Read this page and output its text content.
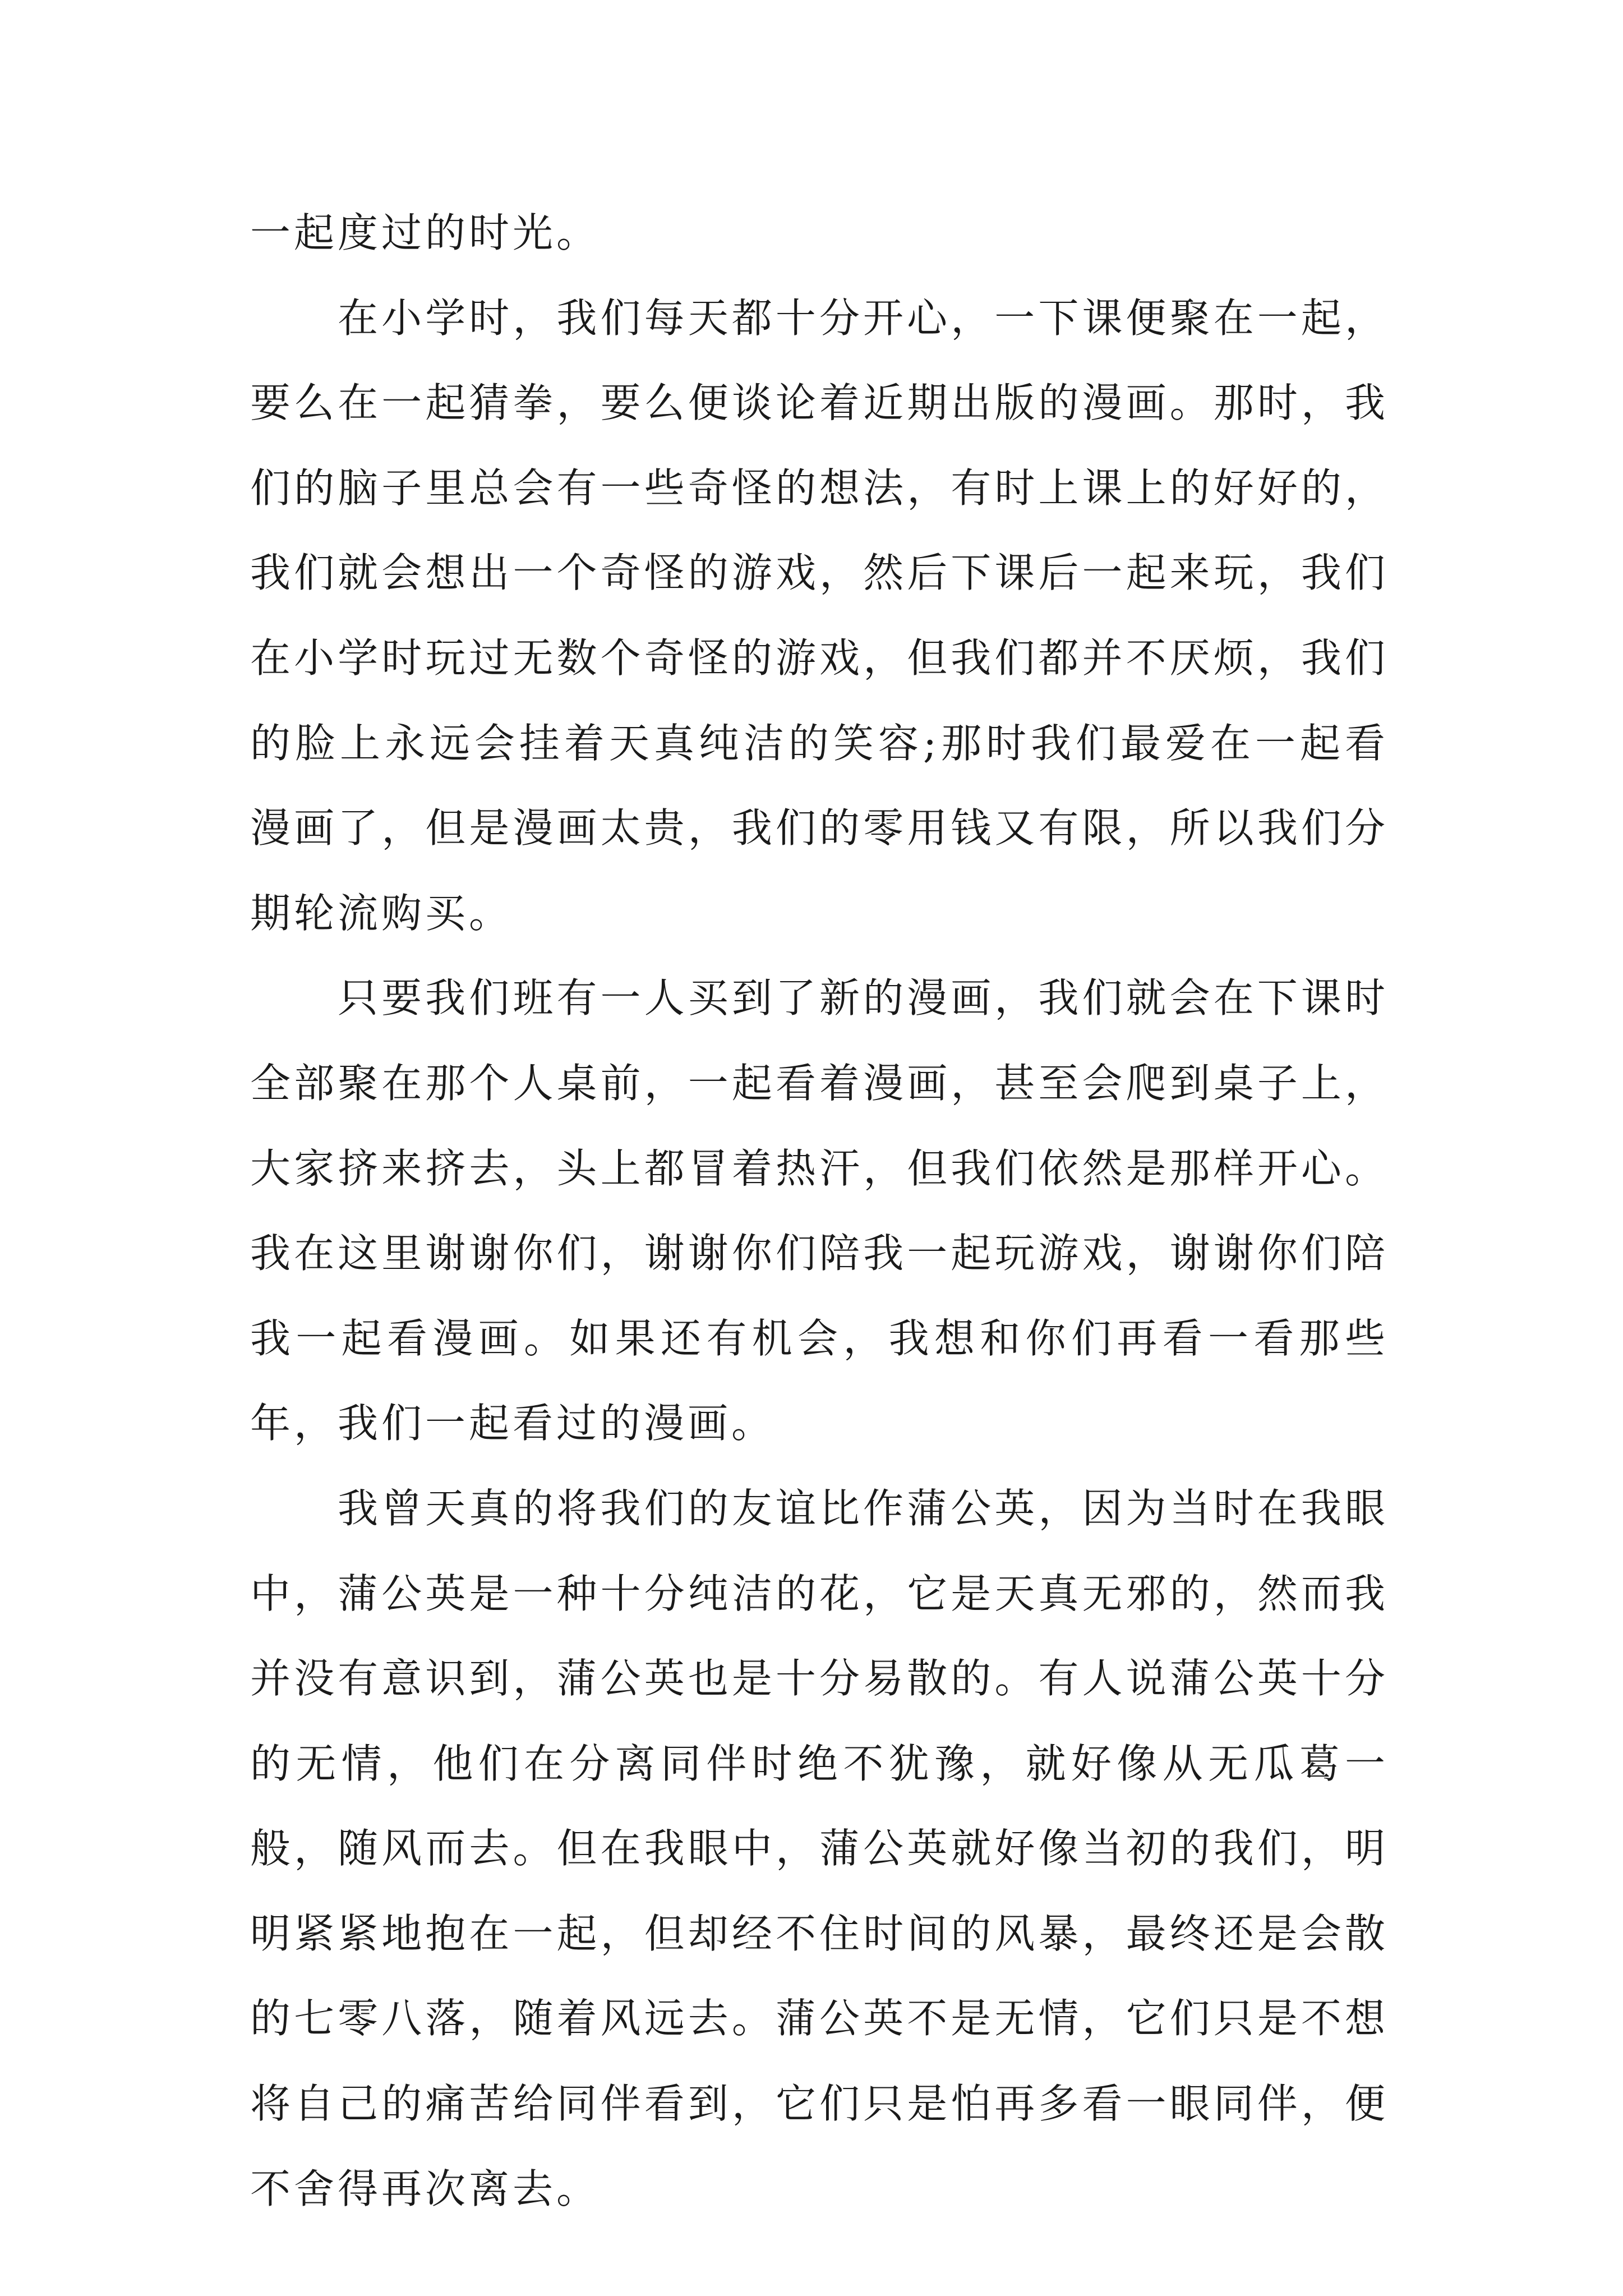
一起度过的时光。

在小学时，我们每天都十分开心，一下课便聚在一起，要么在一起猜拳，要么便谈论着近期出版的漫画。那时，我们的脑子里总会有一些奇怪的想法，有时上课上的好好的，我们就会想出一个奇怪的游戏，然后下课后一起来玩，我们在小学时玩过无数个奇怪的游戏，但我们都并不厌烦，我们的脸上永远会挂着天真纯洁的笑容;那时我们最爱在一起看漫画了，但是漫画太贵，我们的零用钱又有限，所以我们分期轮流购买。

只要我们班有一人买到了新的漫画，我们就会在下课时全部聚在那个人桌前，一起看着漫画，甚至会爬到桌子上，大家挤来挤去，头上都冒着热汗，但我们依然是那样开心。我在这里谢谢你们，谢谢你们陪我一起玩游戏，谢谢你们陪我一起看漫画。如果还有机会，我想和你们再看一看那些年，我们一起看过的漫画。

我曾天真的将我们的友谊比作蒲公英，因为当时在我眼中，蒲公英是一种十分纯洁的花，它是天真无邪的，然而我并没有意识到，蒲公英也是十分易散的。有人说蒲公英十分的无情，他们在分离同伴时绝不犹豫，就好像从无瓜葛一般，随风而去。但在我眼中，蒲公英就好像当初的我们，明明紧紧地抱在一起，但却经不住时间的风暴，最终还是会散的七零八落，随着风远去。蒲公英不是无情，它们只是不想将自己的痛苦给同伴看到，它们只是怕再多看一眼同伴，便不舍得再次离去。
